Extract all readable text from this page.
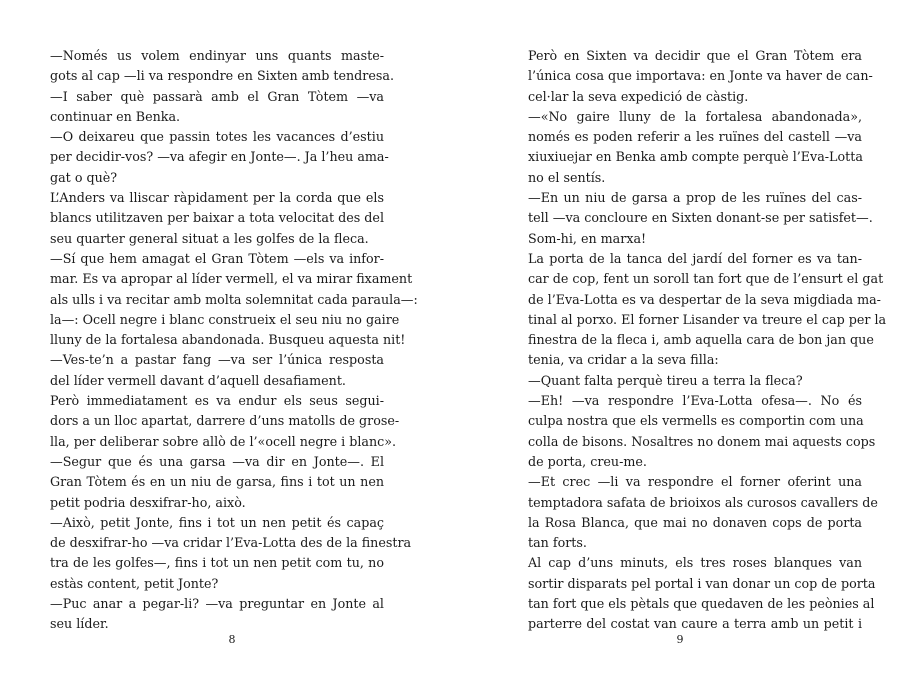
—Només us volem endinyar uns quants maste-
gots al cap —li va respondre en Sixten amb tendresa.

—I saber què passarà amb el Gran Tòtem —va
continuar en Benka.

—O deixareu que passin totes les vacances d’estiu
per decidir-vos? —va afegir en Jonte—. Ja l’heu ama-
gat o què?

L’Anders va lliscar ràpidament per la corda que els
blancs utilitzaven per baixar a tota velocitat des del
seu quarter general situat a les golfes de la fleca.

—Sí que hem amagat el Gran Tòtem —els va infor-
mar. Es va apropar al líder vermell, el va mirar fixament
als ulls i va recitar amb molta solemnitat cada paraula—:
la—: Ocell negre i blanc construeix el seu niu no gaire
lluny de la fortalesa abandonada. Busqueu aquesta nit!

—Ves-te’n a pastar fang —va ser l’única resposta
del líder vermell davant d’aquell desafiament.

Però immediatament es va endur els seus segui-
dors a un lloc apartat, darrere d’uns matolls de grose-
lla, per deliberar sobre allò de l’«ocell negre i blanc».

—Segur que és una garsa —va dir en Jonte—. El
Gran Tòtem és en un niu de garsa, fins i tot un nen
petit podria desxifrar-ho, això.

—Això, petit Jonte, fins i tot un nen petit és capaç
de desxifrar-ho —va cridar l’Eva-Lotta des de la finestra
tra de les golfes—, fins i tot un nen petit com tu, no
estàs content, petit Jonte?

—Puc anar a pegar-li? —va preguntar en Jonte al
seu líder.

8

Però en Sixten va decidir que el Gran Tòtem era
l’única cosa que importava: en Jonte va haver de can-
cel·lar la seva expedició de càstig.

—«No gaire lluny de la fortalesa abandonada»,
només es poden referir a les ruïnes del castell —va
xiuxiuejar en Benka amb compte perquè l’Eva-Lotta
no el sentís.

—En un niu de garsa a prop de les ruïnes del cas-
tell —va concloure en Sixten donant-se per satisfet—.
Som-hi, en marxa!

La porta de la tanca del jardí del forner es va tan-
car de cop, fent un soroll tan fort que de l’ensurt el gat
de l’Eva-Lotta es va despertar de la seva migdiada ma-
tinal al porxo. El forner Lisander va treure el cap per la
finestra de la fleca i, amb aquella cara de bon jan que
tenia, va cridar a la seva filla:

—Quant falta perquè tireu a terra la fleca?

—Eh! —va respondre l’Eva-Lotta ofesa—. No és
culpa nostra que els vermells es comportin com una
colla de bisons. Nosaltres no donem mai aquests cops
de porta, creu-me.

—Et crec —li va respondre el forner oferint una
temptadora safata de brioixos als curosos cavallers de
la Rosa Blanca, que mai no donaven cops de porta
tan forts.

Al cap d’uns minuts, els tres roses blanques van
sortir disparats pel portal i van donar un cop de porta
tan fort que els pètals que quedaven de les peònies al
parterre del costat van caure a terra amb un petit i

9
